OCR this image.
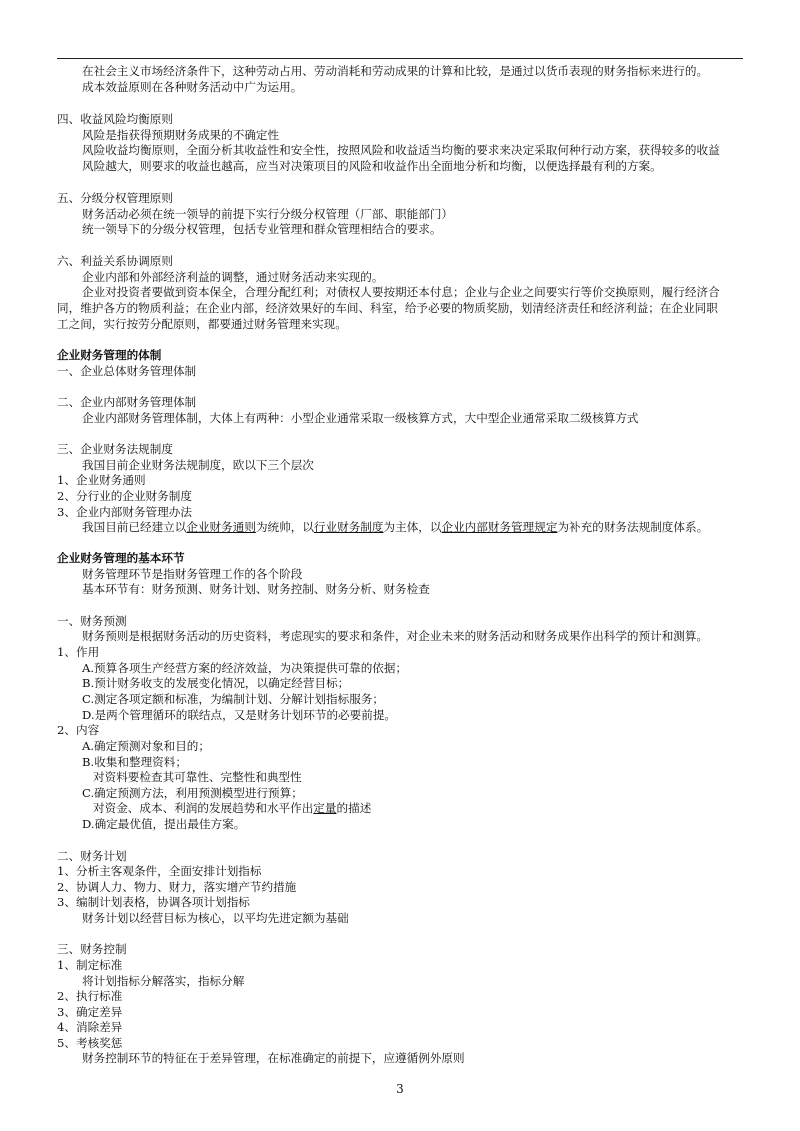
在社会主义市场经济条件下，这种劳动占用、劳动消耗和劳动成果的计算和比较，是通过以货币表现的财务指标来进行的。
成本效益原则在各种财务活动中广为运用。
四、收益风险均衡原则
风险是指获得预期财务成果的不确定性
风险收益均衡原则，全面分析其收益性和安全性，按照风险和收益适当均衡的要求来决定采取何种行动方案，获得较多的收益
风险越大，则要求的收益也越高，应当对决策项目的风险和收益作出全面地分析和均衡，以便选择最有利的方案。
五、分级分权管理原则
财务活动必须在统一领导的前提下实行分级分权管理（厂部、职能部门）
统一领导下的分级分权管理，包括专业管理和群众管理相结合的要求。
六、利益关系协调原则
企业内部和外部经济利益的调整，通过财务活动来实现的。
企业对投资者要做到资本保全，合理分配红利；对债权人要按期还本付息；企业与企业之间要实行等价交换原则，履行经济合
同，维护各方的物质利益；在企业内部，经济效果好的车间、科室，给予必要的物质奖励，划清经济责任和经济利益；在企业同职
工之间，实行按劳分配原则，都要通过财务管理来实现。
企业财务管理的体制
一、企业总体财务管理体制
二、企业内部财务管理体制
企业内部财务管理体制，大体上有两种：小型企业通常采取一级核算方式，大中型企业通常采取二级核算方式
三、企业财务法规制度
我国目前企业财务法规制度，欧以下三个层次
1、企业财务通则
2、分行业的企业财务制度
3、企业内部财务管理办法
我国目前已经建立以企业财务通则为统帅，以行业财务制度为主体，以企业内部财务管理规定为补充的财务法规制度体系。
企业财务管理的基本环节
财务管理环节是指财务管理工作的各个阶段
基本环节有：财务预测、财务计划、财务控制、财务分析、财务检查
一、财务预测
财务预则是根据财务活动的历史资料，考虑现实的要求和条件，对企业未来的财务活动和财务成果作出科学的预计和测算。
1、作用
A.预算各项生产经营方案的经济效益，为决策提供可靠的依据；
B.预计财务收支的发展变化情况，以确定经营目标；
C.测定各项定额和标准，为编制计划、分解计划指标服务；
D.是两个管理循环的联结点，又是财务计划环节的必要前提。
2、内容
A.确定预测对象和目的；
B.收集和整理资料；
对资料要检查其可靠性、完整性和典型性
C.确定预测方法，利用预测模型进行预算；
对资金、成本、利润的发展趋势和水平作出定量的描述
D.确定最优值，提出最佳方案。
二、财务计划
1、分析主客观条件，全面安排计划指标
2、协调人力、物力、财力，落实增产节约措施
3、编制计划表格，协调各项计划指标
财务计划以经营目标为核心，以平均先进定额为基础
三、财务控制
1、制定标准
将计划指标分解落实，指标分解
2、执行标准
3、确定差异
4、消除差异
5、考核奖惩
财务控制环节的特征在于差异管理，在标准确定的前提下，应遵循例外原则
3
